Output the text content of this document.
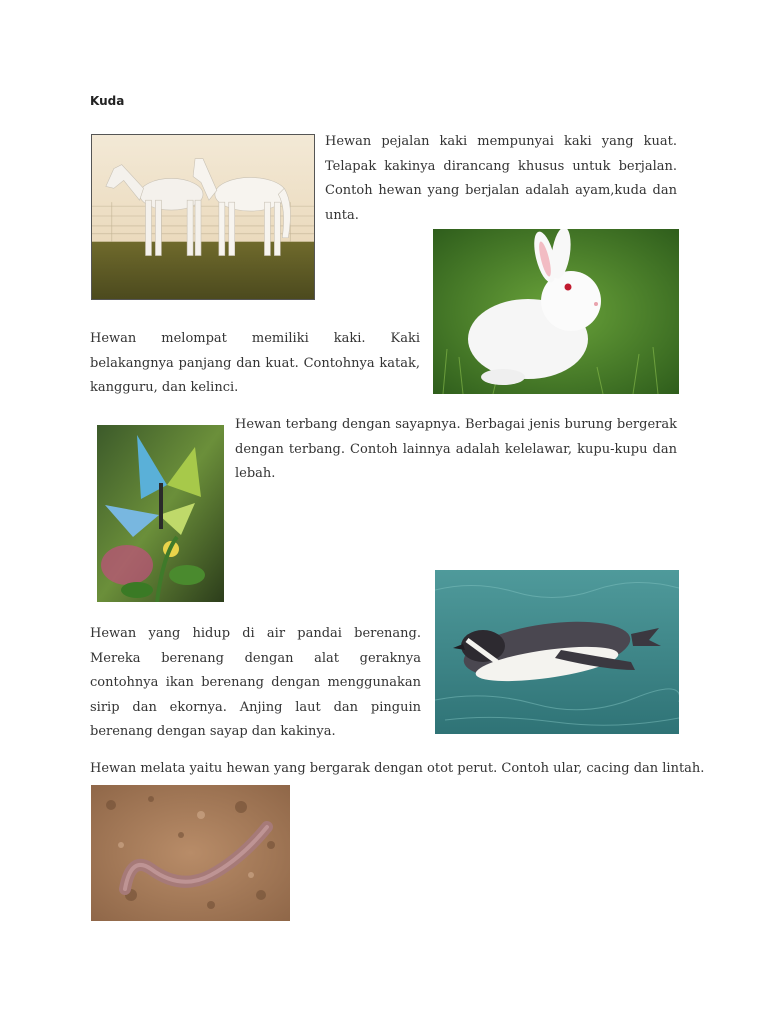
Kuda

Hewan pejalan kaki mempunyai kaki yang kuat. Telapak kakinya dirancang khusus untuk berjalan. Contoh hewan yang berjalan adalah ayam,kuda dan unta.

Hewan melompat memiliki kaki. Kaki belakangnya panjang dan kuat. Contohnya katak, kangguru, dan kelinci.

Hewan terbang dengan sayapnya. Berbagai jenis burung bergerak dengan terbang. Contoh lainnya adalah kelelawar, kupu-kupu dan lebah.

Hewan yang hidup di air pandai berenang. Mereka berenang dengan alat geraknya contohnya ikan berenang dengan menggunakan sirip dan ekornya. Anjing laut dan pinguin berenang dengan sayap dan kakinya.

Hewan melata yaitu hewan yang bergarak dengan otot perut. Contoh ular, cacing dan lintah.
